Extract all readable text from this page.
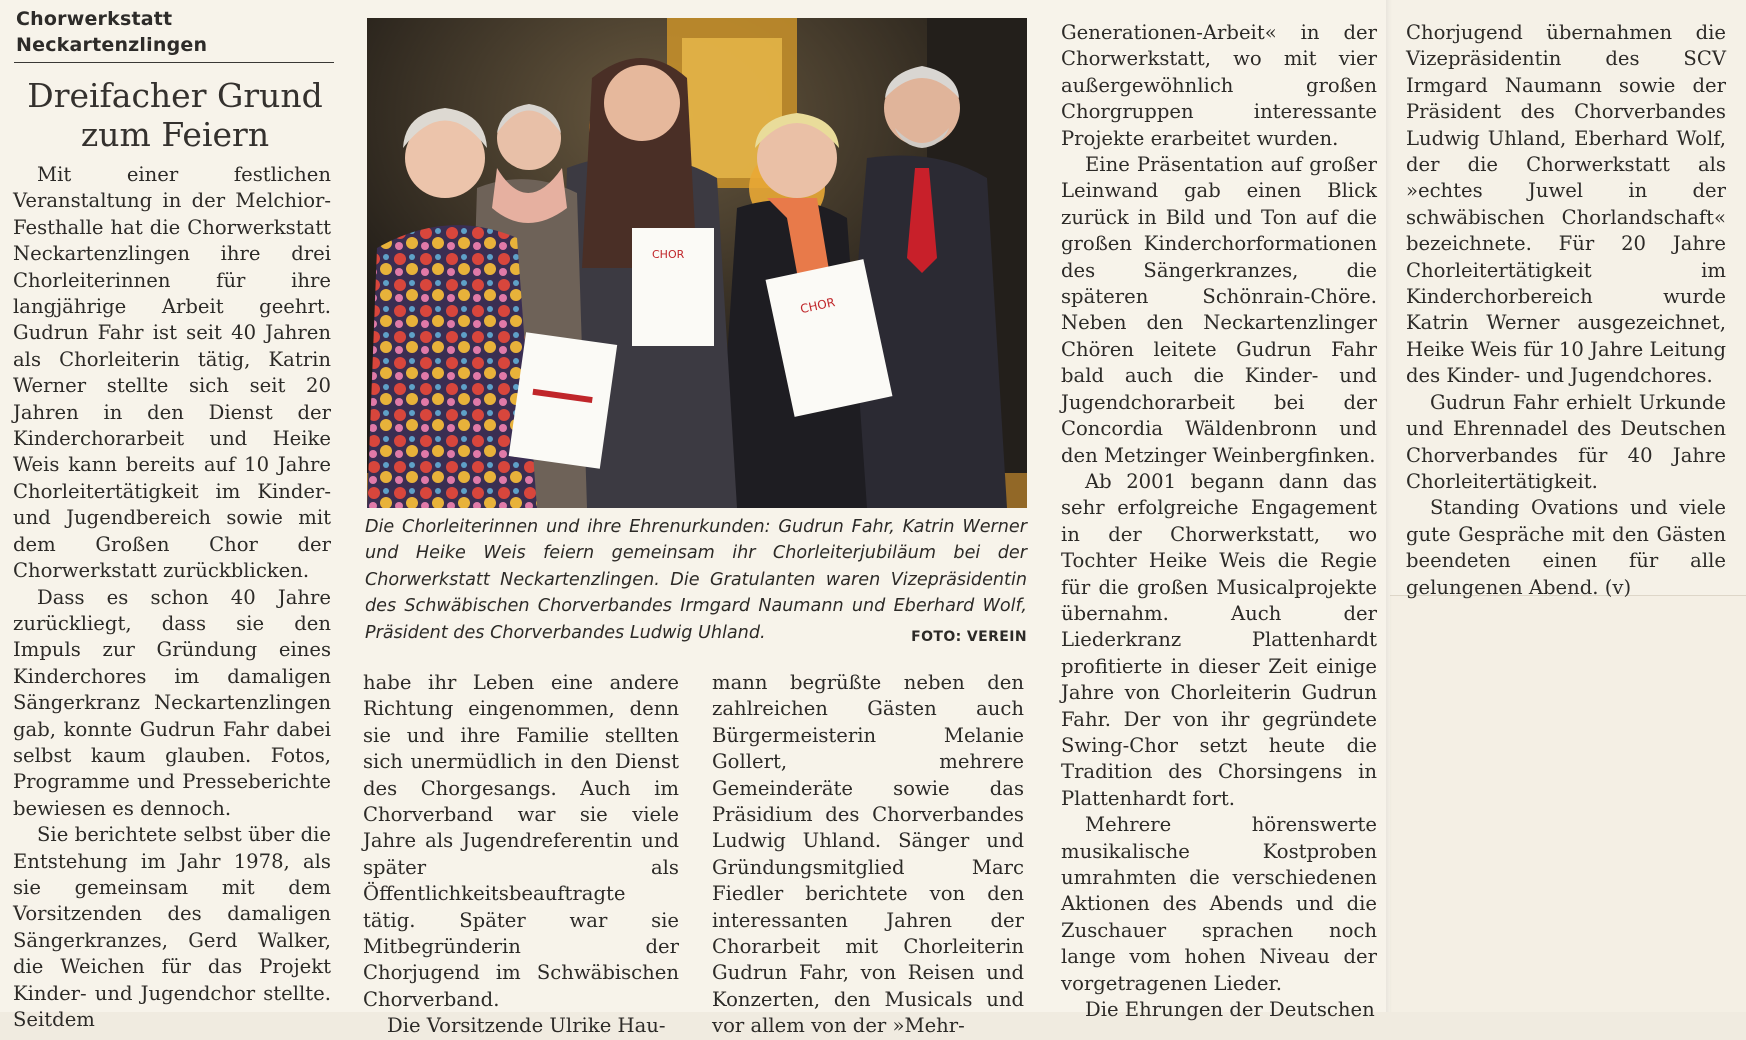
Chorwerkstatt
Neckartenzlingen
Dreifacher Grund
zum Feiern

Mit einer festlichen Veranstaltung in der Melchior-Festhalle hat die Chorwerkstatt Neckartenzlingen ihre drei Chorleiterinnen für ihre langjährige Arbeit geehrt. Gudrun Fahr ist seit 40 Jahren als Chorleiterin tätig, Katrin Werner stellte sich seit 20 Jahren in den Dienst der Kinderchorarbeit und Heike Weis kann bereits auf 10 Jahre Chorleitertätigkeit im Kinder- und Jugendbereich sowie mit dem Großen Chor der Chorwerkstatt zurückblicken.

Dass es schon 40 Jahre zurückliegt, dass sie den Impuls zur Gründung eines Kinderchores im damaligen Sängerkranz Neckartenzlingen gab, konnte Gudrun Fahr dabei selbst kaum glauben. Fotos, Programme und Presseberichte bewiesen es dennoch.

Sie berichtete selbst über die Entstehung im Jahr 1978, als sie gemeinsam mit dem Vorsitzenden des damaligen Sängerkranzes, Gerd Walker, die Weichen für das Projekt Kinder- und Jugendchor stellte. Seitdem

CHOR
CHOR
Die Chorleiterinnen und ihre Ehrenurkunden: Gudrun Fahr, Katrin Werner und Heike Weis feiern gemeinsam ihr Chorleiterjubiläum bei der Chorwerkstatt Neckartenzlingen. Die Gratulanten waren Vizepräsidentin des Schwäbischen Chorverbandes Irmgard Naumann und Eberhard Wolf, Präsident des Chorverbandes Ludwig Uhland.	FOTO: VEREIN

habe ihr Leben eine andere Richtung eingenommen, denn sie und ihre Familie stellten sich unermüdlich in den Dienst des Chorgesangs. Auch im Chorverband war sie viele Jahre als Jugendreferentin und später als Öffentlichkeitsbeauftragte tätig. Später war sie Mitbegründerin der Chorjugend im Schwäbischen Chorverband.

Die Vorsitzende Ulrike Hau-

mann begrüßte neben den zahlreichen Gästen auch Bürgermeisterin Melanie Gollert, mehrere Gemeinderäte sowie das Präsidium des Chorverbandes Ludwig Uhland. Sänger und Gründungsmitglied Marc Fiedler berichtete von den interessanten Jahren der Chorarbeit mit Chorleiterin Gudrun Fahr, von Reisen und Konzerten, den Musicals und vor allem von der »Mehr-

Generationen-Arbeit« in der Chorwerkstatt, wo mit vier außergewöhnlich großen Chorgruppen interessante Projekte erarbeitet wurden.

Eine Präsentation auf großer Leinwand gab einen Blick zurück in Bild und Ton auf die großen Kinderchorformationen des Sängerkranzes, die späteren Schönrain-Chöre. Neben den Neckartenzlinger Chören leitete Gudrun Fahr bald auch die Kinder- und Jugendchorarbeit bei der Concordia Wäldenbronn und den Metzinger Weinbergfinken.

Ab 2001 begann dann das sehr erfolgreiche Engagement in der Chorwerkstatt, wo Tochter Heike Weis die Regie für die großen Musicalprojekte übernahm. Auch der Liederkranz Plattenhardt profitierte in dieser Zeit einige Jahre von Chorleiterin Gudrun Fahr. Der von ihr gegründete Swing-Chor setzt heute die Tradition des Chorsingens in Plattenhardt fort.

Mehrere hörenswerte musikalische Kostproben umrahmten die verschiedenen Aktionen des Abends und die Zuschauer sprachen noch lange vom hohen Niveau der vorgetragenen Lieder.

Die Ehrungen der Deutschen

Chorjugend übernahmen die Vizepräsidentin des SCV Irmgard Naumann sowie der Präsident des Chorverbandes Ludwig Uhland, Eberhard Wolf, der die Chorwerkstatt als »echtes Juwel in der schwäbischen Chorlandschaft« bezeichnete. Für 20 Jahre Chorleitertätigkeit im Kinderchorbereich wurde Katrin Werner ausgezeichnet, Heike Weis für 10 Jahre Leitung des Kinder- und Jugendchores.

Gudrun Fahr erhielt Urkunde und Ehrennadel des Deutschen Chorverbandes für 40 Jahre Chorleitertätigkeit.

Standing Ovations und viele gute Gespräche mit den Gästen beendeten einen für alle gelungenen Abend. (v)
